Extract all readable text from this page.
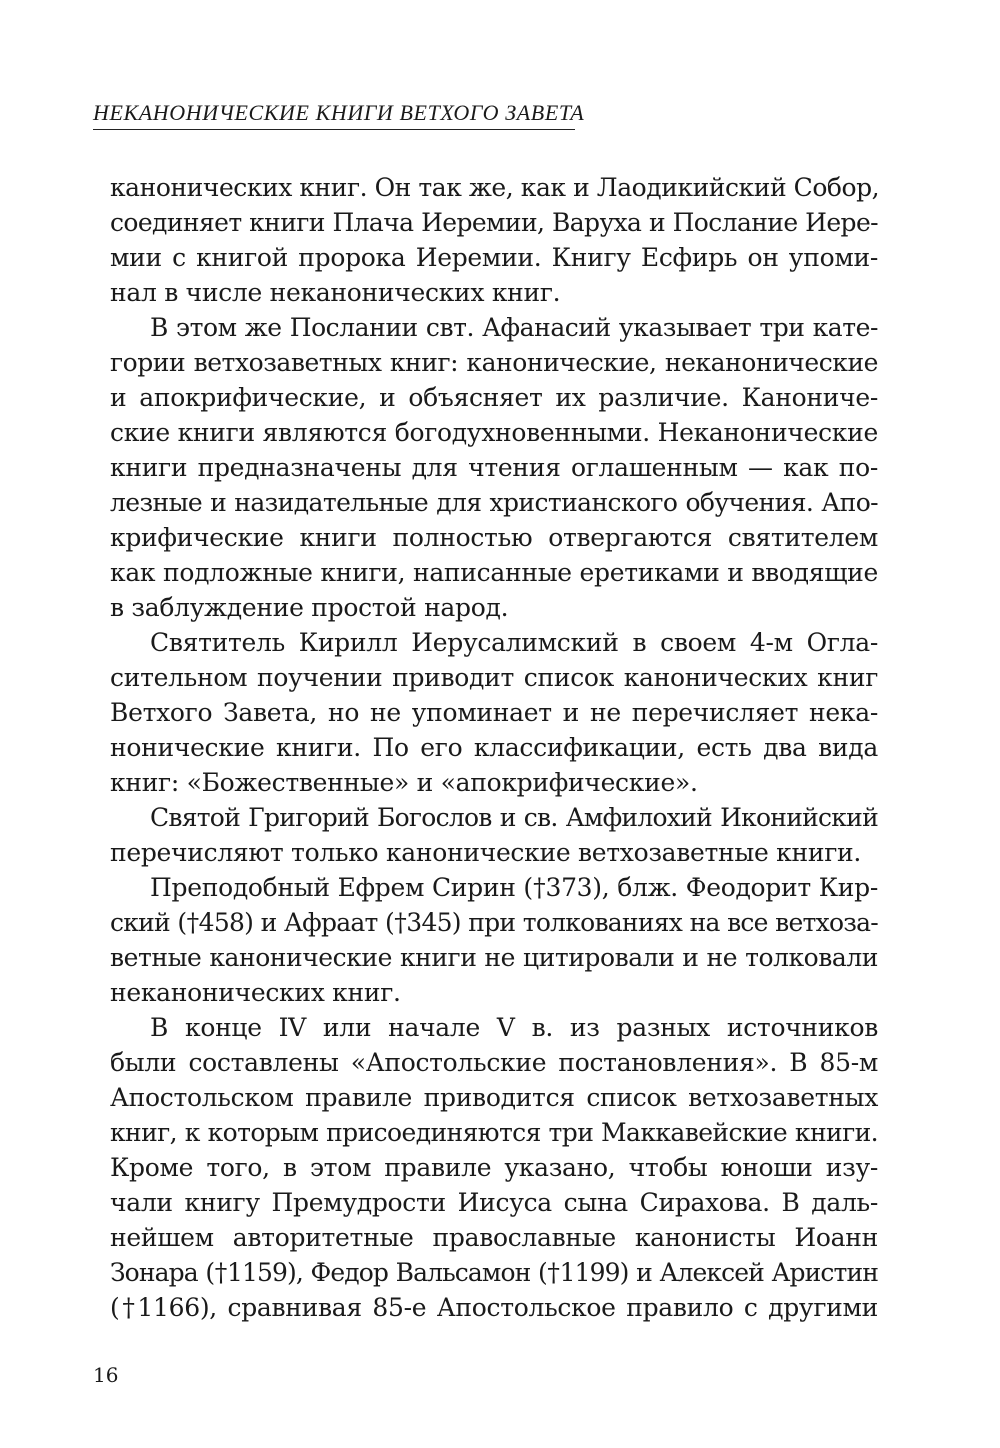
НЕКАНОНИЧЕСКИЕ КНИГИ ВЕТХОГО ЗАВЕТА
канонических книг. Он так же, как и Лаодикийский Собор,
соединяет книги Плача Иеремии, Варуха и Послание Иере-
мии с книгой пророка Иеремии. Книгу Есфирь он упоми-
нал в числе неканонических книг.
В этом же Послании свт. Афанасий указывает три кате-
гории ветхозаветных книг: канонические, неканонические
и апокрифические, и объясняет их различие. Канониче-
ские книги являются богодухновенными. Неканонические
книги предназначены для чтения оглашенным — как по-
лезные и назидательные для христианского обучения. Апо-
крифические книги полностью отвергаются святителем
как подложные книги, написанные еретиками и вводящие
в заблуждение простой народ.
Святитель Кирилл Иерусалимский в своем 4-м Огла-
сительном поучении приводит список канонических книг
Ветхого Завета, но не упоминает и не перечисляет нека-
нонические книги. По его классификации, есть два вида
книг: «Божественные» и «апокрифические».
Святой Григорий Богослов и св. Амфилохий Иконийский
перечисляют только канонические ветхозаветные книги.
Преподобный Ефрем Сирин (†373), блж. Феодорит Кир-
ский (†458) и Афраат (†345) при толкованиях на все ветхоза-
ветные канонические книги не цитировали и не толковали
неканонических книг.
В конце IV или начале V в. из разных источников
были составлены «Апостольские постановления». В 85-м
Апостольском правиле приводится список ветхозаветных
книг, к которым присоединяются три Маккавейские книги.
Кроме того, в этом правиле указано, чтобы юноши изу-
чали книгу Премудрости Иисуса сына Сирахова. В даль-
нейшем авторитетные православные канонисты Иоанн
Зонара (†1159), Федор Вальсамон (†1199) и Алексей Аристин
(†1166), сравнивая 85-е Апостольское правило с другими
16
